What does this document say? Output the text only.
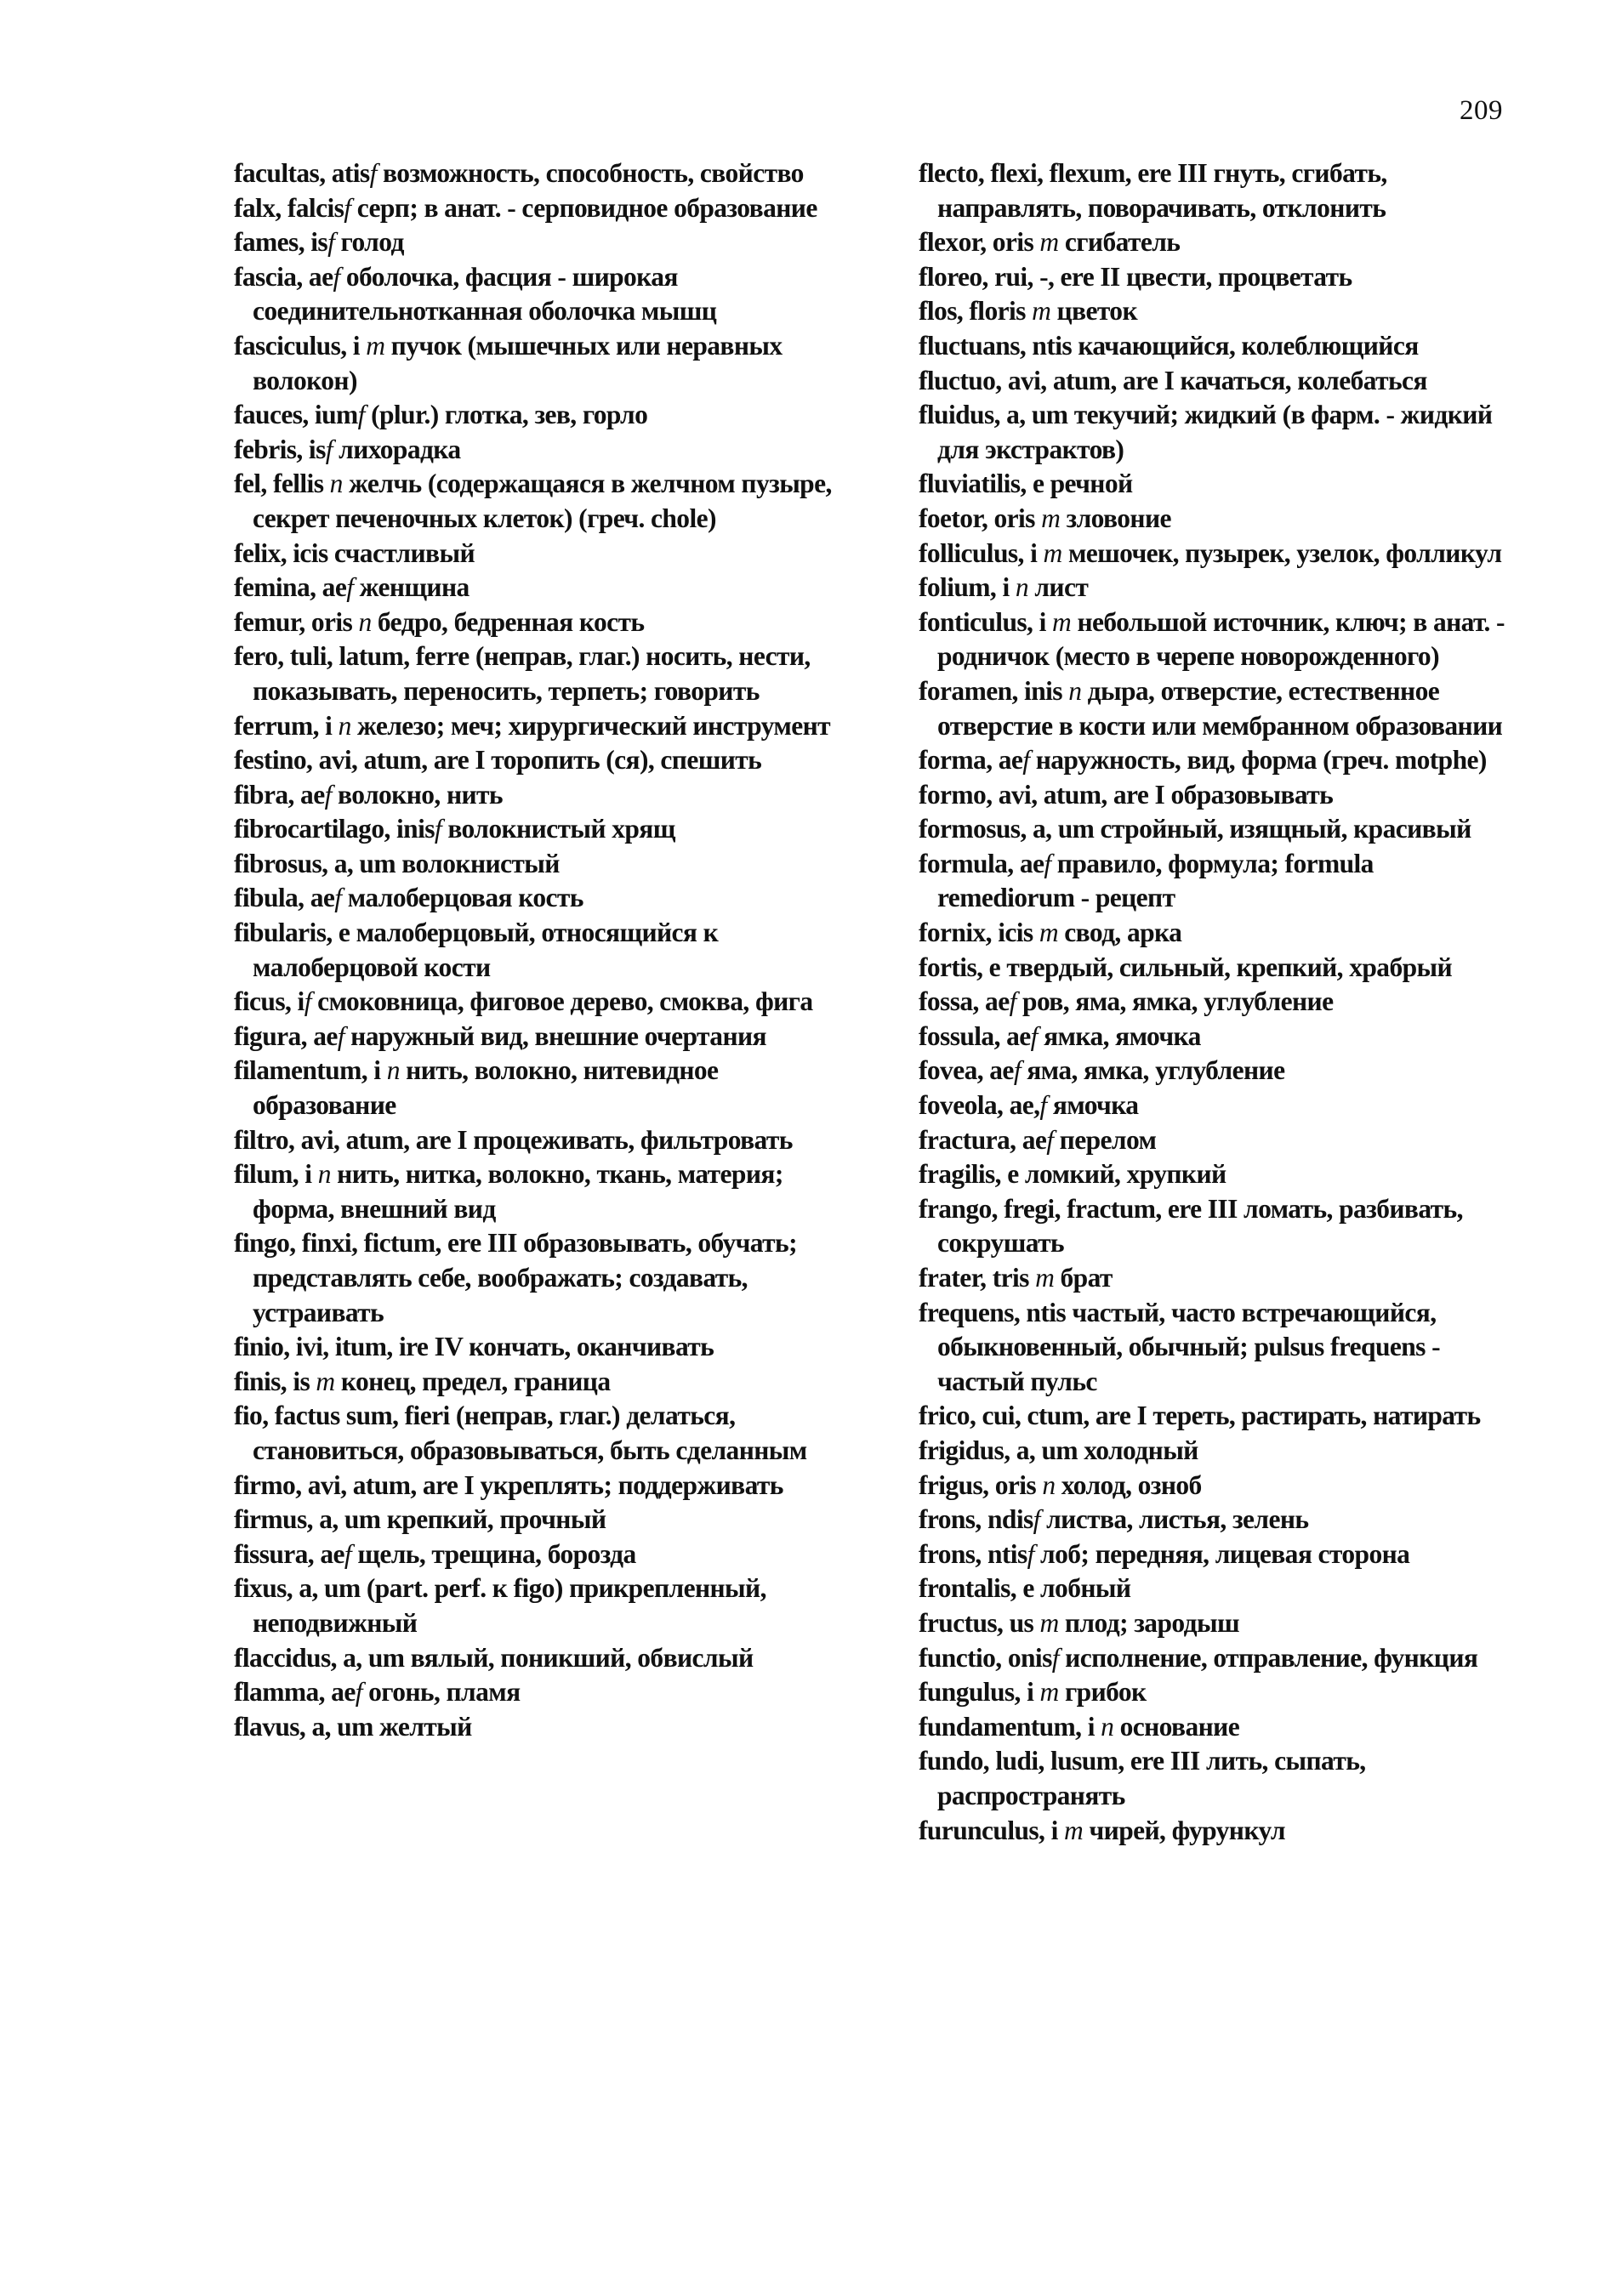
209
facultas, atisf возможность, способность, свойство
falx, falcisf серп; в анат. - серповидное образование
fames, isf голод
fascia, aef оболочка, фасция - широкая соединительнотканная оболочка мышц
fasciculus, i m пучок (мышечных или неравных волокон)
fauces, iumf (plur.) глотка, зев, горло
febris, isf лихорадка
fel, fellis n желчь (содержащаяся в желчном пузыре, секрет печеночных клеток) (греч. chole)
felix, icis счастливый
femina, aef женщина
femur, oris n бедро, бедренная кость
fero, tuli, latum, ferre (неправ, глаг.) носить, нести, показывать, переносить, терпеть; говорить
ferrum, i n железо; меч; хирургический инструмент
festino, avi, atum, are I торопить (ся), спешить
fibra, aef волокно, нить
fibrocartilago, inisf волокнистый хрящ
fibrosus, a, um волокнистый
fibula, aef малоберцовая кость
fibularis, e малоберцовый, относящийся к малоберцовой кости
ficus, if смоковница, фиговое дерево, смоква, фига
figura, aef наружный вид, внешние очертания
filamentum, i n нить, волокно, нитевидное образование
filtro, avi, atum, are I процеживать, фильтровать
filum, i n нить, нитка, волокно, ткань, материя; форма, внешний вид
fingo, finxi, fictum, ere III образовывать, обучать; представлять себе, воображать; создавать, устраивать
finio, ivi, itum, ire IV кончать, оканчивать
finis, is m конец, предел, граница
fio, factus sum, fieri (неправ, глаг.) делаться, становиться, образовываться, быть сделанным
firmo, avi, atum, are I укреплять; поддерживать
firmus, a, um крепкий, прочный
fissura, aef щель, трещина, борозда
fixus, a, um (part. perf. к figo) прикрепленный, неподвижный
flaccidus, a, um вялый, поникший, обвислый
flamma, aef огонь, пламя
flavus, a, um желтый
flecto, flexi, flexum, ere III гнуть, сгибать, направлять, поворачивать, отклонить
flexor, oris m сгибатель
floreo, rui, -, ere II цвести, процветать
flos, floris m цветок
fluctuans, ntis качающийся, колеблющийся
fluctuo, avi, atum, are I качаться, колебаться
fluidus, a, um текучий; жидкий (в фарм. - жидкий для экстрактов)
fluviatilis, e речной
foetor, oris m зловоние
folliculus, i m мешочек, пузырек, узелок, фолликул
folium, i n лист
fonticulus, i m небольшой источник, ключ; в анат. - родничок (место в черепе новорожденного)
foramen, inis n дыра, отверстие, естественное отверстие в кости или мембранном образовании
forma, aef наружность, вид, форма (греч. motphe)
formo, avi, atum, are I образовывать
formosus, a, um стройный, изящный, красивый
formula, aef правило, формула; formula remediorum - рецепт
fornix, icis m свод, арка
fortis, e твердый, сильный, крепкий, храбрый
fossa, aef ров, яма, ямка, углубление
fossula, aef ямка, ямочка
fovea, aef яма, ямка, углубление
foveola, ae,f ямочка
fractura, aef перелом
fragilis, e ломкий, хрупкий
frango, fregi, fractum, ere III ломать, разбивать, сокрушать
frater, tris m брат
frequens, ntis частый, часто встречающийся, обыкновенный, обычный; pulsus frequens - частый пульс
frico, cui, ctum, are I тереть, растирать, натирать
frigidus, a, um холодный
frigus, oris n холод, озноб
frons, ndisf листва, листья, зелень
frons, ntisf лоб; передняя, лицевая сторона
frontalis, e лобный
fructus, us m плод; зародыш
functio, onisf исполнение, отправление, функция
fungulus, i m грибок
fundamentum, i n основание
fundo, ludi, lusum, ere III лить, сыпать, распространять
furunculus, i m чирей, фурункул
